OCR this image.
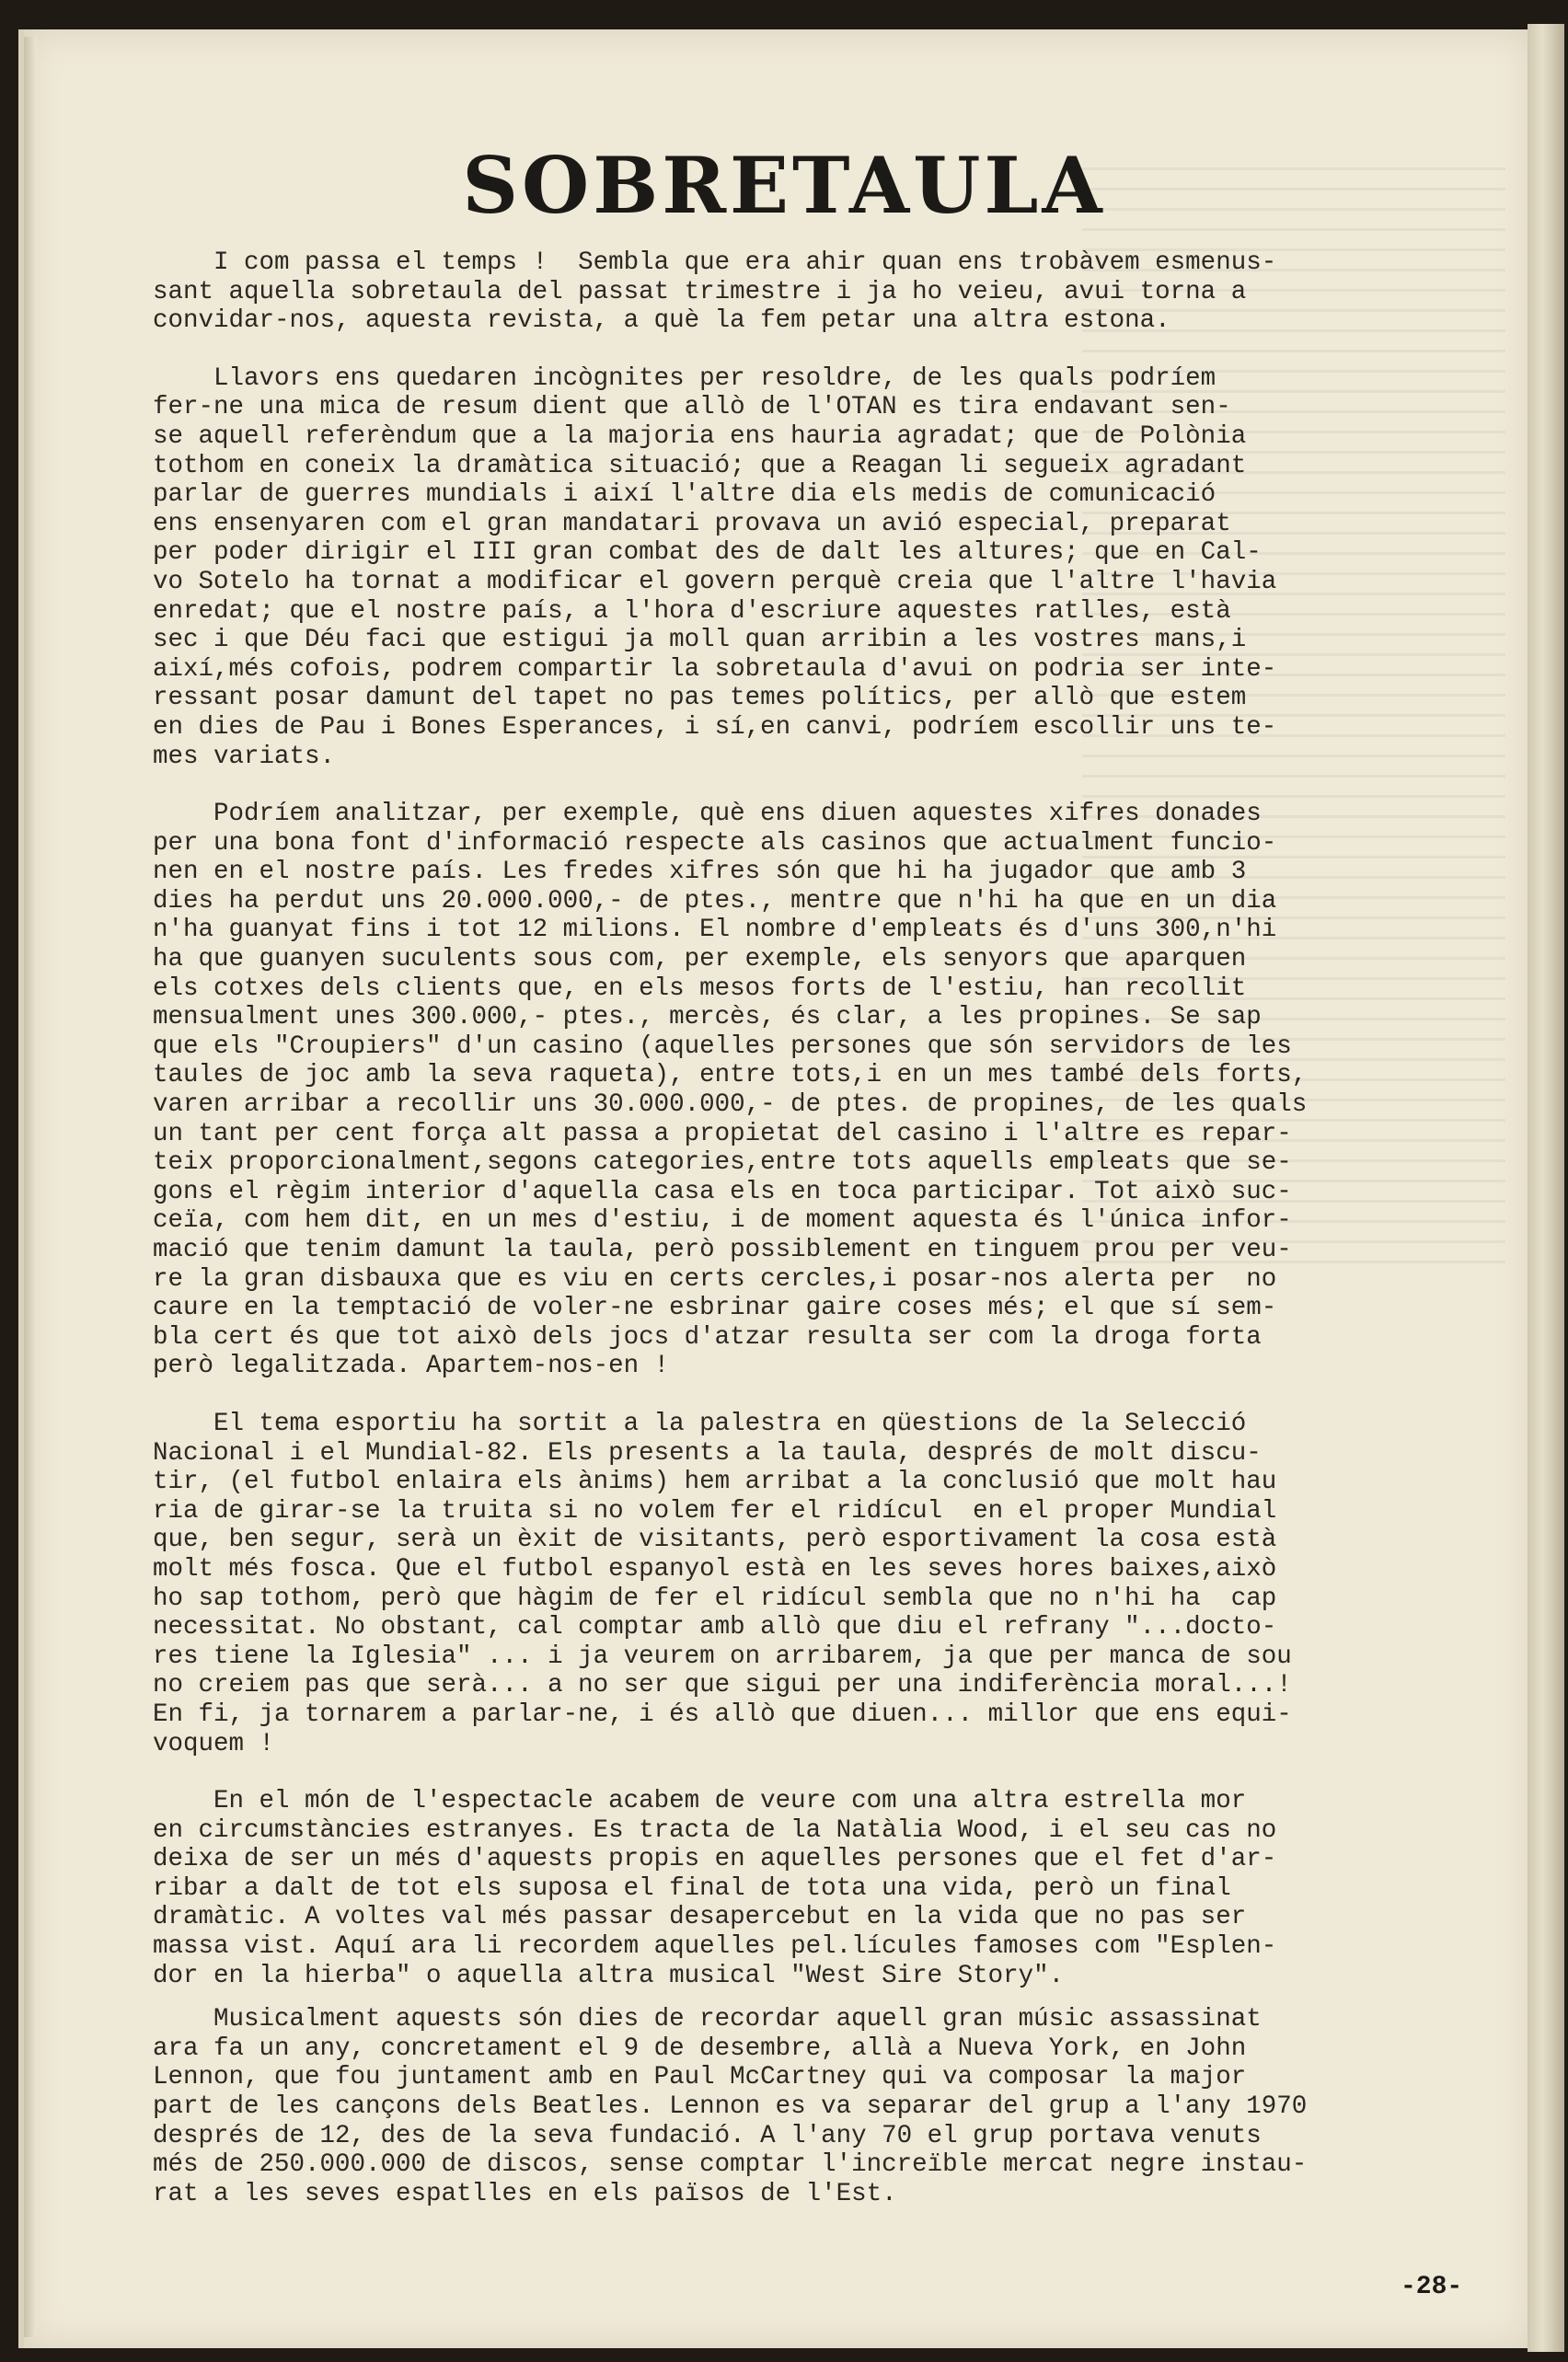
SOBRETAULA
I com passa el temps !  Sembla que era ahir quan ens trobàvem esmenus-
sant aquella sobretaula del passat trimestre i ja ho veieu, avui torna a
convidar-nos, aquesta revista, a què la fem petar una altra estona.
Llavors ens quedaren incògnites per resoldre, de les quals podríem
fer-ne una mica de resum dient que allò de l'OTAN es tira endavant sen-
se aquell referèndum que a la majoria ens hauria agradat; que de Polònia
tothom en coneix la dramàtica situació; que a Reagan li segueix agradant
parlar de guerres mundials i així l'altre dia els medis de comunicació
ens ensenyaren com el gran mandatari provava un avió especial, preparat
per poder dirigir el III gran combat des de dalt les altures; que en Cal-
vo Sotelo ha tornat a modificar el govern perquè creia que l'altre l'havia
enredat; que el nostre país, a l'hora d'escriure aquestes ratlles, està
sec i que Déu faci que estigui ja moll quan arribin a les vostres mans,i
així,més cofois, podrem compartir la sobretaula d'avui on podria ser inte-
ressant posar damunt del tapet no pas temes polítics, per allò que estem
en dies de Pau i Bones Esperances, i sí,en canvi, podríem escollir uns te-
mes variats.
Podríem analitzar, per exemple, què ens diuen aquestes xifres donades
per una bona font d'informació respecte als casinos que actualment funcio-
nen en el nostre país. Les fredes xifres són que hi ha jugador que amb 3
dies ha perdut uns 20.000.000,- de ptes., mentre que n'hi ha que en un dia
n'ha guanyat fins i tot 12 milions. El nombre d'empleats és d'uns 300,n'hi
ha que guanyen suculents sous com, per exemple, els senyors que aparquen
els cotxes dels clients que, en els mesos forts de l'estiu, han recollit
mensualment unes 300.000,- ptes., mercès, és clar, a les propines. Se sap
que els "Croupiers" d'un casino (aquelles persones que són servidors de les
taules de joc amb la seva raqueta), entre tots,i en un mes també dels forts,
varen arribar a recollir uns 30.000.000,- de ptes. de propines, de les quals
un tant per cent força alt passa a propietat del casino i l'altre es repar-
teix proporcionalment,segons categories,entre tots aquells empleats que se-
gons el règim interior d'aquella casa els en toca participar. Tot això suc-
ceïa, com hem dit, en un mes d'estiu, i de moment aquesta és l'única infor-
mació que tenim damunt la taula, però possiblement en tinguem prou per veu-
re la gran disbauxa que es viu en certs cercles,i posar-nos alerta per  no
caure en la temptació de voler-ne esbrinar gaire coses més; el que sí sem-
bla cert és que tot això dels jocs d'atzar resulta ser com la droga forta
però legalitzada. Apartem-nos-en !
El tema esportiu ha sortit a la palestra en qüestions de la Selecció
Nacional i el Mundial-82. Els presents a la taula, després de molt discu-
tir, (el futbol enlaira els ànims) hem arribat a la conclusió que molt hau
ria de girar-se la truita si no volem fer el ridícul  en el proper Mundial
que, ben segur, serà un èxit de visitants, però esportivament la cosa està
molt més fosca. Que el futbol espanyol està en les seves hores baixes,això
ho sap tothom, però que hàgim de fer el ridícul sembla que no n'hi ha  cap
necessitat. No obstant, cal comptar amb allò que diu el refrany "...docto-
res tiene la Iglesia" ... i ja veurem on arribarem, ja que per manca de sou
no creiem pas que serà... a no ser que sigui per una indiferència moral...!
En fi, ja tornarem a parlar-ne, i és allò que diuen... millor que ens equi-
voquem !
En el món de l'espectacle acabem de veure com una altra estrella mor
en circumstàncies estranyes. Es tracta de la Natàlia Wood, i el seu cas no
deixa de ser un més d'aquests propis en aquelles persones que el fet d'ar-
ribar a dalt de tot els suposa el final de tota una vida, però un final
dramàtic. A voltes val més passar desapercebut en la vida que no pas ser
massa vist. Aquí ara li recordem aquelles pel.lícules famoses com "Esplen-
dor en la hierba" o aquella altra musical "West Sire Story".
Musicalment aquests són dies de recordar aquell gran músic assassinat
ara fa un any, concretament el 9 de desembre, allà a Nueva York, en John
Lennon, que fou juntament amb en Paul McCartney qui va composar la major
part de les cançons dels Beatles. Lennon es va separar del grup a l'any 1970
després de 12, des de la seva fundació. A l'any 70 el grup portava venuts
més de 250.000.000 de discos, sense comptar l'increïble mercat negre instau-
rat a les seves espatlles en els països de l'Est.
-28-
